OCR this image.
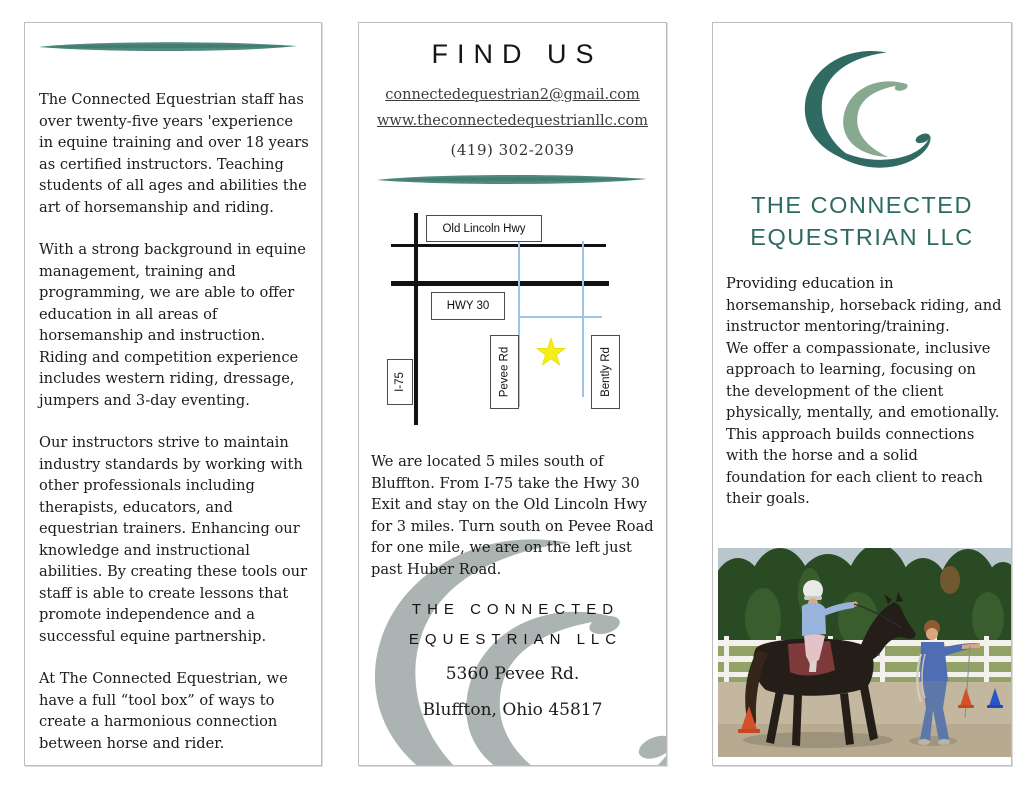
The Connected Equestrian staff has over twenty-five years 'experience in equine training and over 18 years as certified instructors. Teaching students of all ages and abilities the art of horsemanship and riding.

With a strong background in equine management, training and programming, we are able to offer education in all areas of horsemanship and instruction. Riding and competition experience includes western riding, dressage, jumpers and 3-day eventing.

Our instructors strive to maintain industry standards by working with other professionals including therapists, educators, and equestrian trainers. Enhancing our knowledge and instructional abilities. By creating these tools our staff is able to create lessons that promote independence and a successful equine partnership.

At The Connected Equestrian, we have a full “tool box” of ways to create a harmonious connection between horse and rider.

FIND US
connectedequestrian2@gmail.com
www.theconnectedequestrianllc.com
(419) 302-2039
Old Lincoln Hwy
HWY 30
I-75	Pevee Rd	Bently Rd
We are located 5 miles south of Bluffton. From I-75 take the Hwy 30 Exit and stay on the Old Lincoln Hwy for 3 miles. Turn south on Pevee Road for one mile, we are on the left just past Huber Road.
THE CONNECTED
EQUESTRIAN LLC
5360 Pevee Rd.
Bluffton, Ohio 45817
THE CONNECTED
EQUESTRIAN LLC
Providing education in horsemanship, horseback riding, and instructor mentoring/training.
We offer a compassionate, inclusive approach to learning, focusing on the development of the client physically, mentally, and emotionally.
This approach builds connections with the horse and a solid foundation for each client to reach their goals.
